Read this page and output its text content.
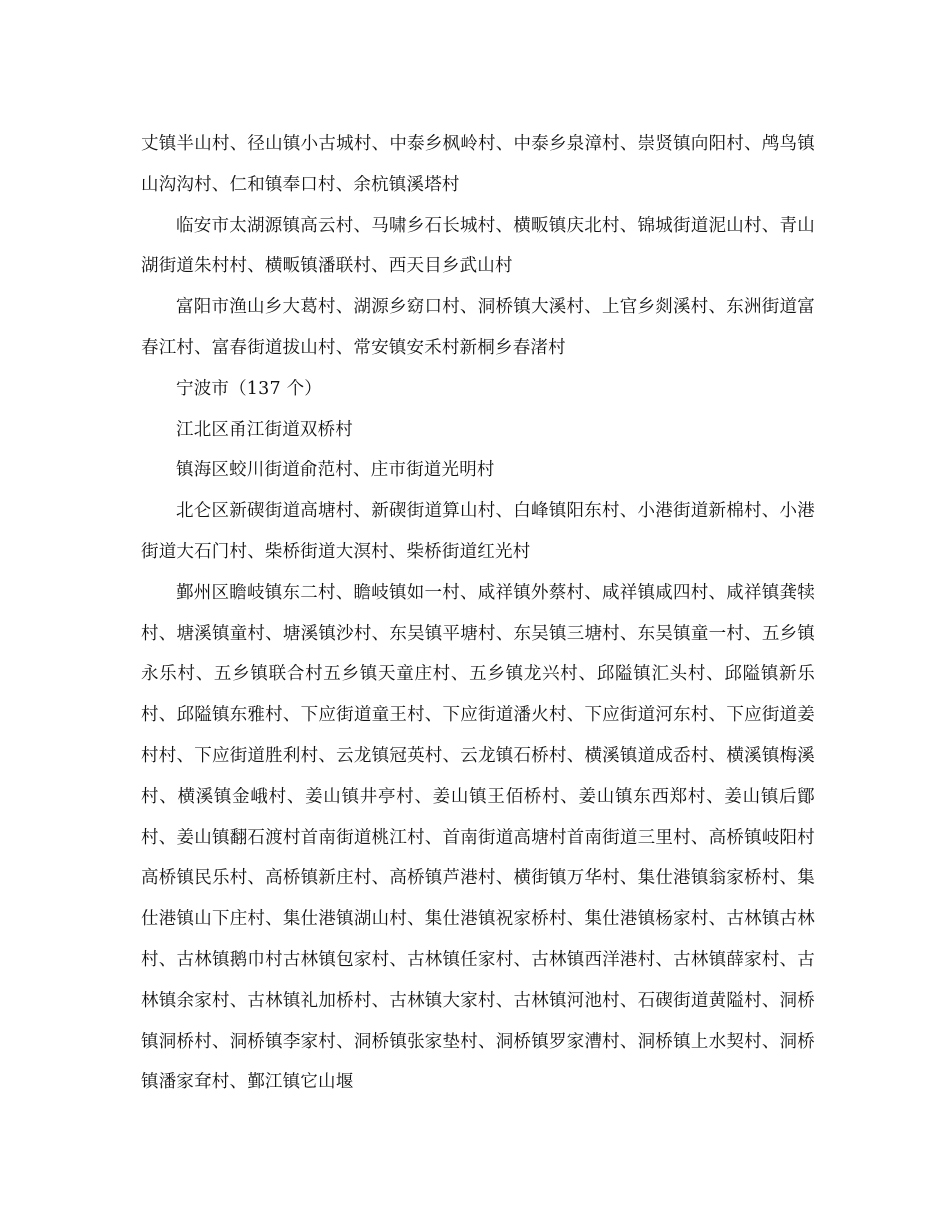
丈镇半山村、径山镇小古城村、中泰乡枫岭村、中泰乡泉漳村、崇贤镇向阳村、鸬鸟镇山沟沟村、仁和镇奉口村、余杭镇溪塔村

临安市太湖源镇高云村、马啸乡石长城村、横畈镇庆北村、锦城街道泥山村、青山湖街道朱村村、横畈镇潘联村、西天目乡武山村

富阳市渔山乡大葛村、湖源乡窈口村、洞桥镇大溪村、上官乡剡溪村、东洲街道富春江村、富春街道拔山村、常安镇安禾村新桐乡春渚村

宁波市（137 个）

江北区甬江街道双桥村

镇海区蛟川街道俞范村、庄市街道光明村

北仑区新碶街道高塘村、新碶街道算山村、白峰镇阳东村、小港街道新棉村、小港街道大石门村、柴桥街道大溟村、柴桥街道红光村

鄞州区瞻岐镇东二村、瞻岐镇如一村、咸祥镇外蔡村、咸祥镇咸四村、咸祥镇龚犊村、塘溪镇童村、塘溪镇沙村、东吴镇平塘村、东吴镇三塘村、东吴镇童一村、五乡镇永乐村、五乡镇联合村五乡镇天童庄村、五乡镇龙兴村、邱隘镇汇头村、邱隘镇新乐村、邱隘镇东雅村、下应街道童王村、下应街道潘火村、下应街道河东村、下应街道姜村村、下应街道胜利村、云龙镇冠英村、云龙镇石桥村、横溪镇道成岙村、横溪镇梅溪村、横溪镇金峨村、姜山镇井亭村、姜山镇王佰桥村、姜山镇东西郑村、姜山镇后鄮村、姜山镇翻石渡村首南街道桃江村、首南街道高塘村首南街道三里村、高桥镇岐阳村高桥镇民乐村、高桥镇新庄村、高桥镇芦港村、横街镇万华村、集仕港镇翁家桥村、集仕港镇山下庄村、集仕港镇湖山村、集仕港镇祝家桥村、集仕港镇杨家村、古林镇古林村、古林镇鹅巾村古林镇包家村、古林镇任家村、古林镇西洋港村、古林镇薛家村、古林镇余家村、古林镇礼加桥村、古林镇大家村、古林镇河池村、石碶街道黄隘村、洞桥镇洞桥村、洞桥镇李家村、洞桥镇张家垫村、洞桥镇罗家漕村、洞桥镇上水契村、洞桥镇潘家耷村、鄞江镇它山堰
